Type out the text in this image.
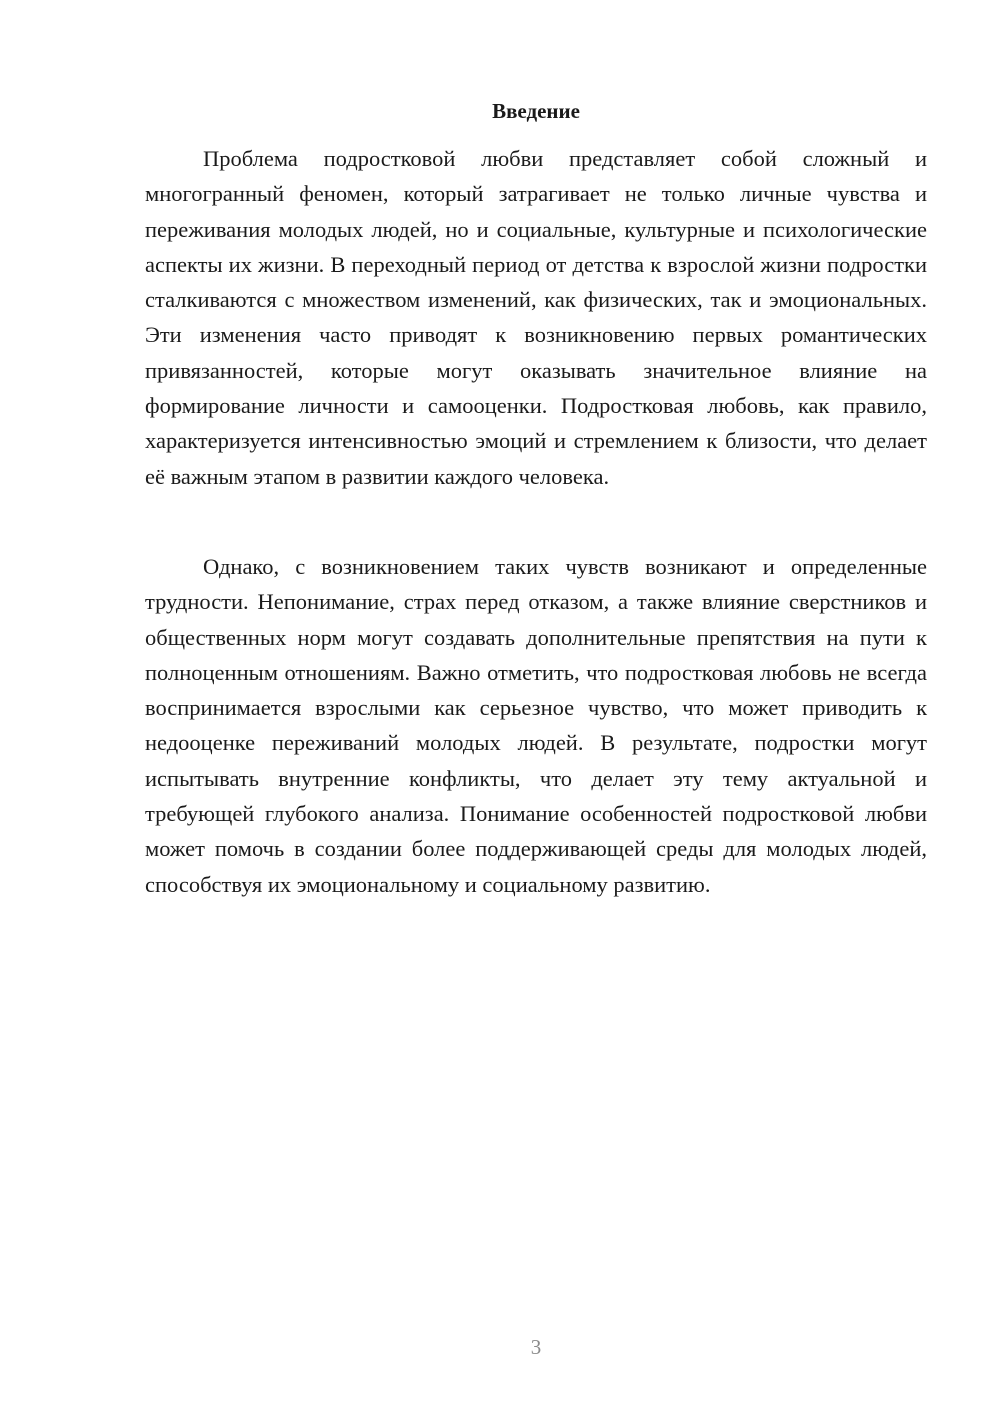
Введение

Проблема подростковой любви представляет собой сложный и многогранный феномен, который затрагивает не только личные чувства и переживания молодых людей, но и социальные, культурные и психологические аспекты их жизни. В переходный период от детства к взрослой жизни подростки сталкиваются с множеством изменений, как физических, так и эмоциональных. Эти изменения часто приводят к возникновению первых романтических привязанностей, которые могут оказывать значительное влияние на формирование личности и самооценки. Подростковая любовь, как правило, характеризуется интенсивностью эмоций и стремлением к близости, что делает её важным этапом в развитии каждого человека.

Однако, с возникновением таких чувств возникают и определенные трудности. Непонимание, страх перед отказом, а также влияние сверстников и общественных норм могут создавать дополнительные препятствия на пути к полноценным отношениям. Важно отметить, что подростковая любовь не всегда воспринимается взрослыми как серьезное чувство, что может приводить к недооценке переживаний молодых людей. В результате, подростки могут испытывать внутренние конфликты, что делает эту тему актуальной и требующей глубокого анализа. Понимание особенностей подростковой любви может помочь в создании более поддерживающей среды для молодых людей, способствуя их эмоциональному и социальному развитию.

3
